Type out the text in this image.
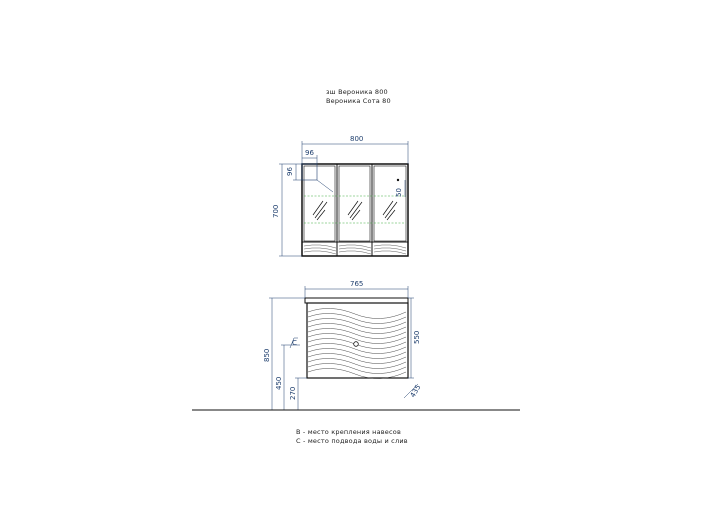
зш Вероника 800
Вероника Сота 80
800
96
96
700
50
765
550
850
450
270
C
435
В - место крепления навесов
С - место подвода воды и слив
